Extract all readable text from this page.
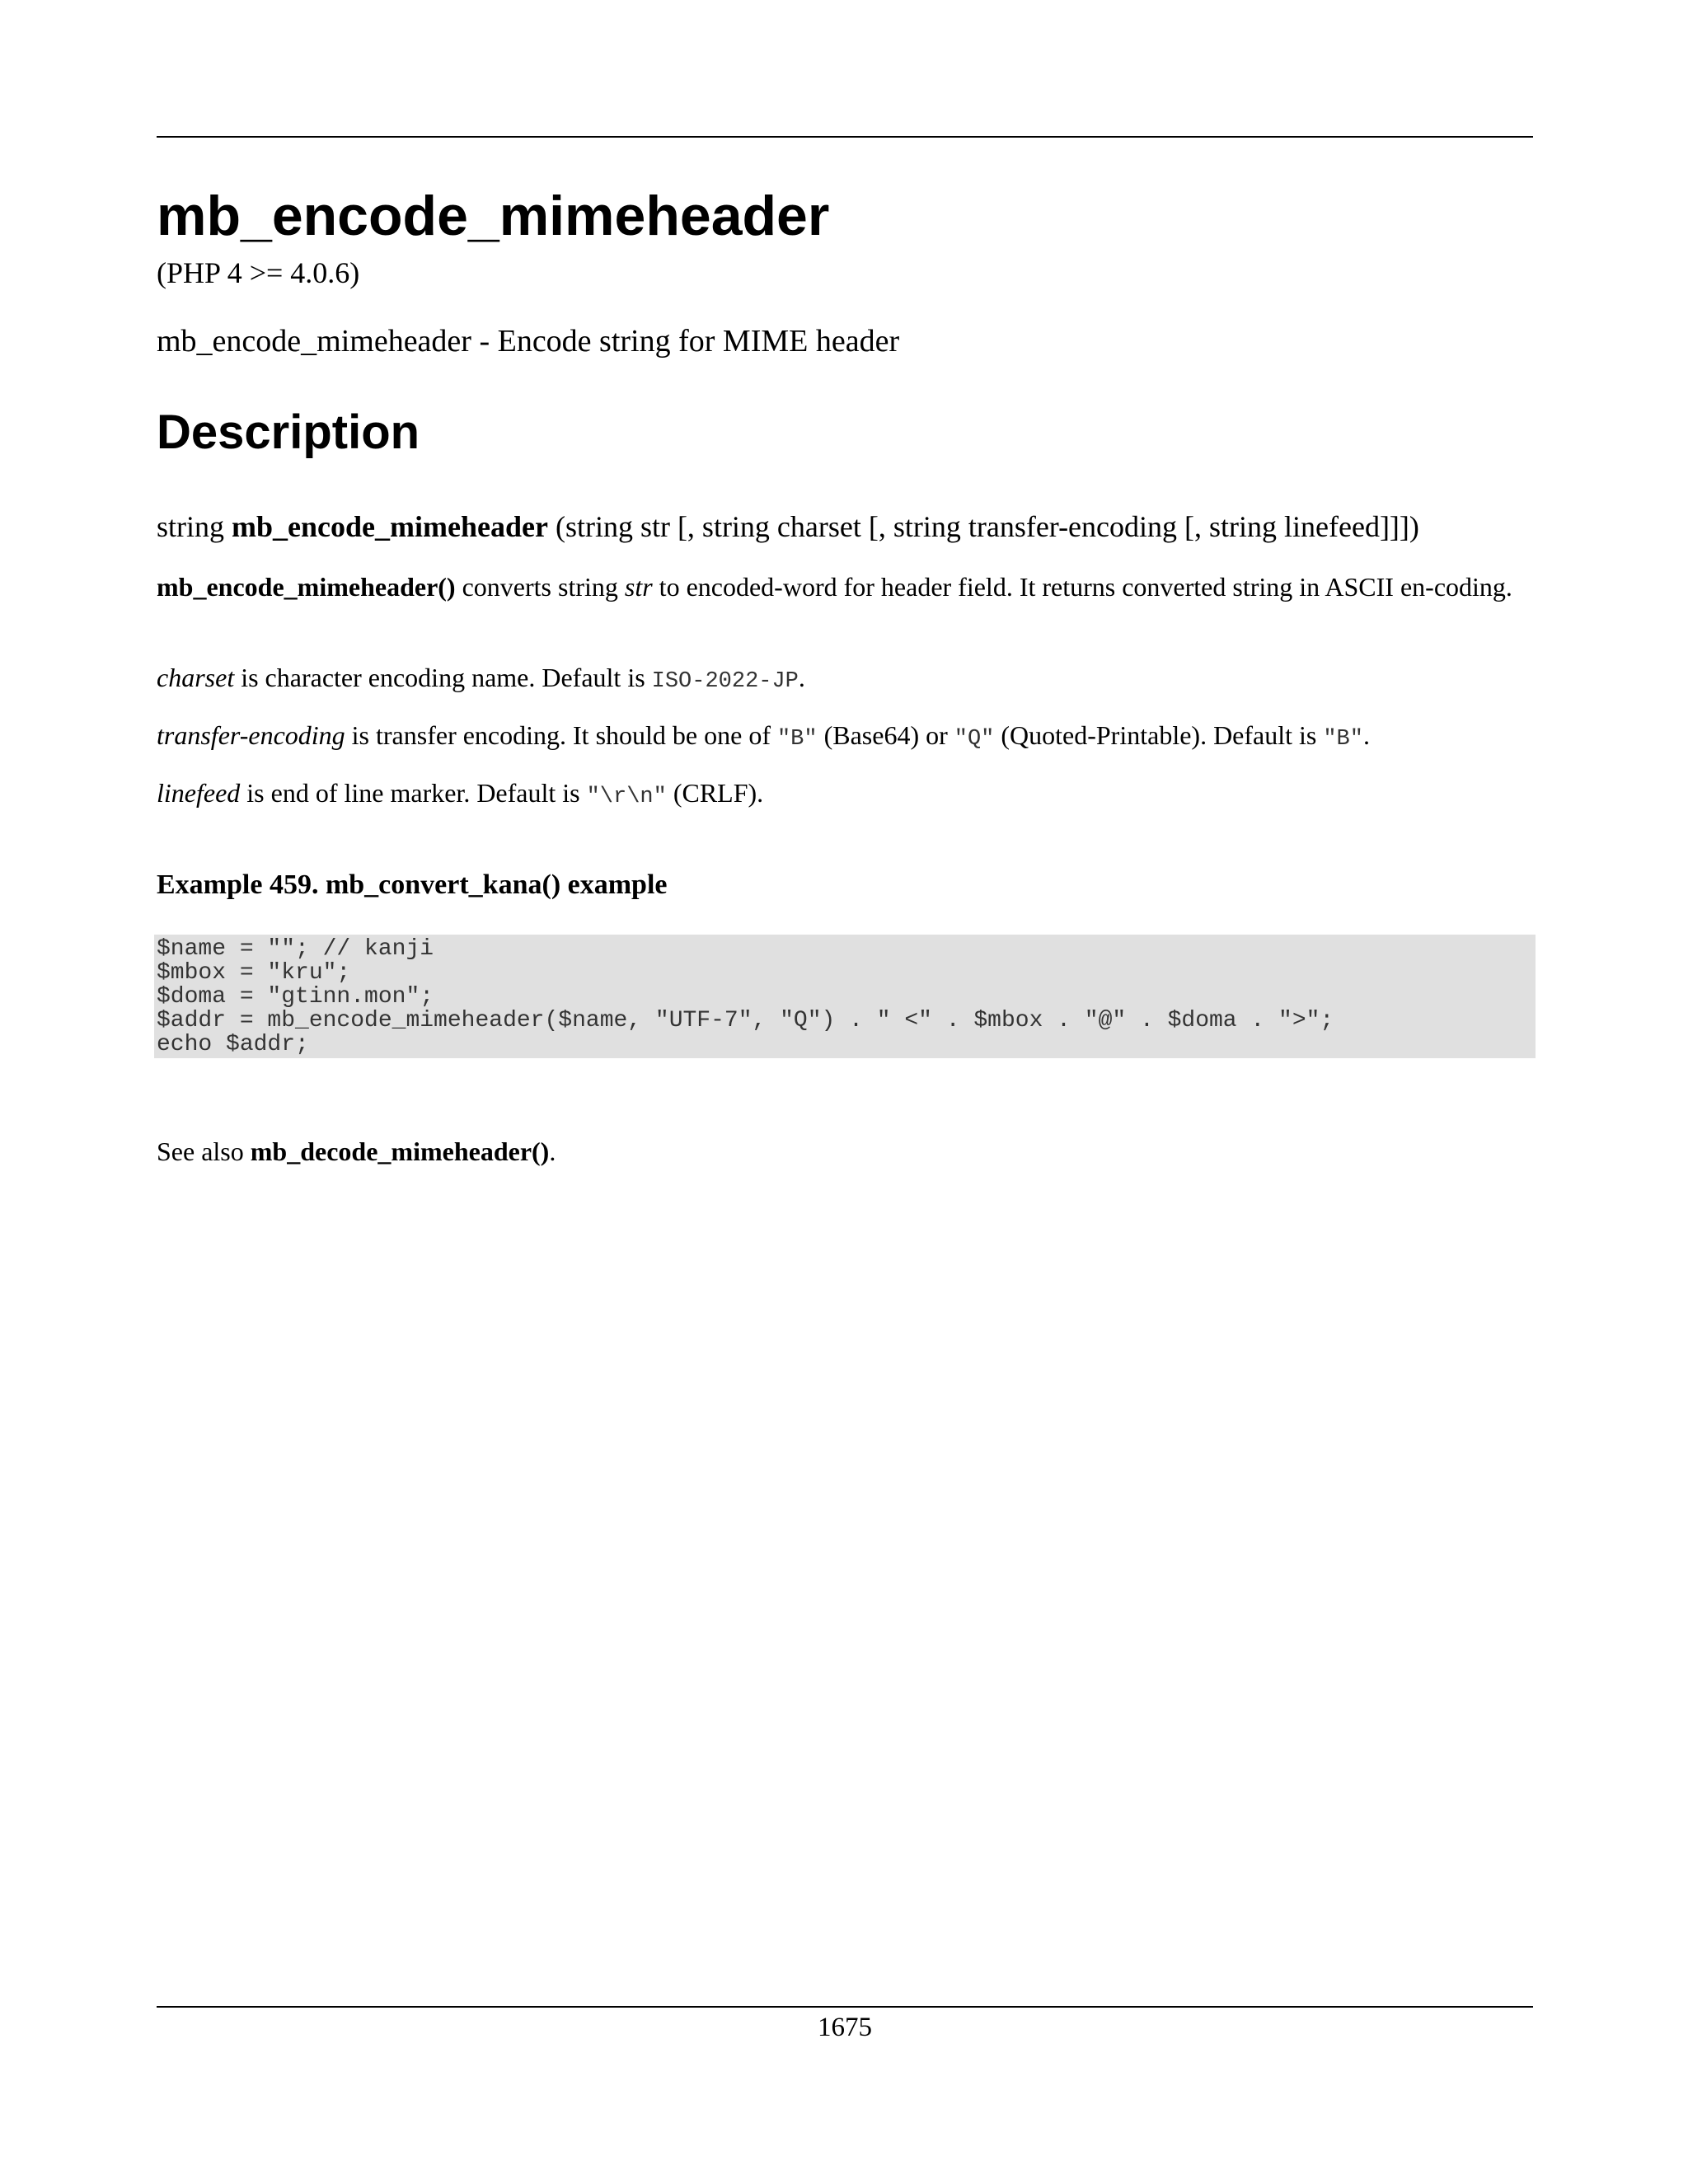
mb_encode_mimeheader
(PHP 4 >= 4.0.6)
mb_encode_mimeheader - Encode string for MIME header
Description
string mb_encode_mimeheader (string str [, string charset [, string transfer-encoding [, string linefeed]]])
mb_encode_mimeheader() converts string str to encoded-word for header field. It returns converted string in ASCII en-coding.
charset is character encoding name. Default is ISO-2022-JP.
transfer-encoding is transfer encoding. It should be one of "B" (Base64) or "Q" (Quoted-Printable). Default is "B".
linefeed is end of line marker. Default is "\r\n" (CRLF).
Example 459. mb_convert_kana() example
$name = ""; // kanji
$mbox = "kru";
$doma = "gtinn.mon";
$addr = mb_encode_mimeheader($name, "UTF-7", "Q") . " <" . $mbox . "@" . $doma . ">";
echo $addr;
See also mb_decode_mimeheader().
1675
